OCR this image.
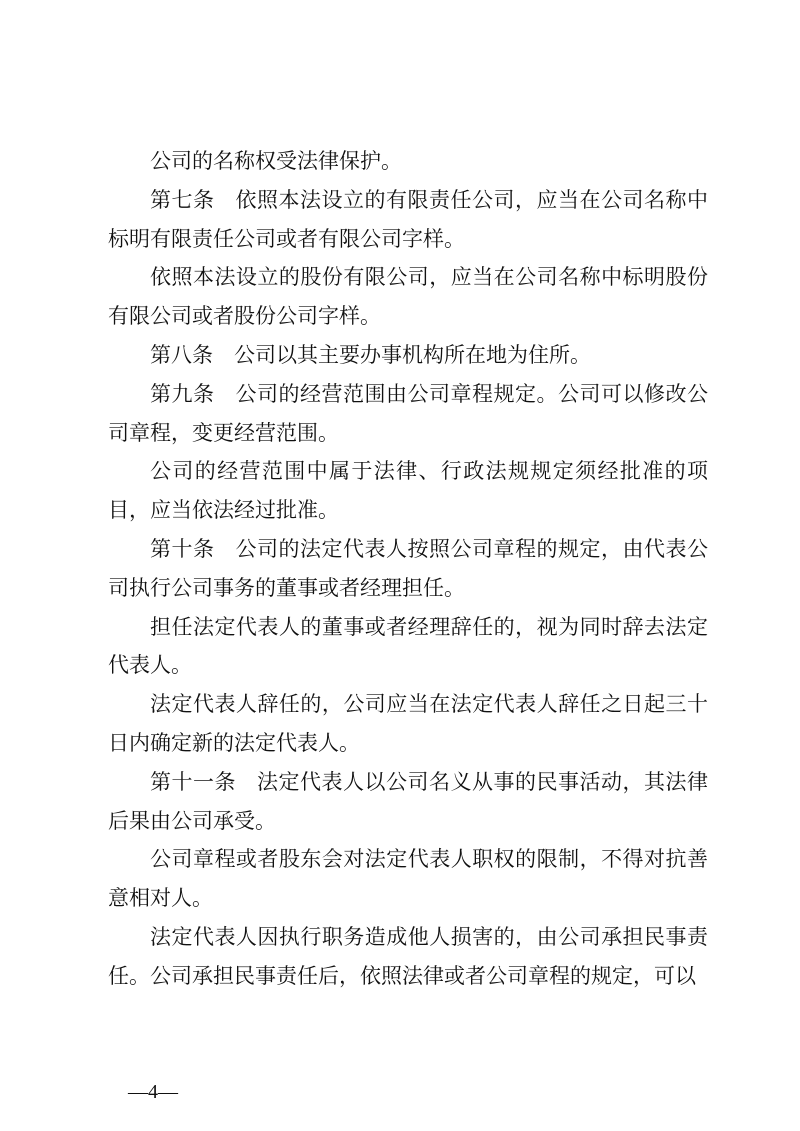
公司的名称权受法律保护。

第七条 依照本法设立的有限责任公司，应当在公司名称中标明有限责任公司或者有限公司字样。

依照本法设立的股份有限公司，应当在公司名称中标明股份有限公司或者股份公司字样。

第八条 公司以其主要办事机构所在地为住所。

第九条 公司的经营范围由公司章程规定。公司可以修改公司章程，变更经营范围。

公司的经营范围中属于法律、行政法规规定须经批准的项目，应当依法经过批准。

第十条 公司的法定代表人按照公司章程的规定，由代表公司执行公司事务的董事或者经理担任。

担任法定代表人的董事或者经理辞任的，视为同时辞去法定代表人。

法定代表人辞任的，公司应当在法定代表人辞任之日起三十日内确定新的法定代表人。

第十一条 法定代表人以公司名义从事的民事活动，其法律后果由公司承受。

公司章程或者股东会对法定代表人职权的限制，不得对抗善意相对人。

法定代表人因执行职务造成他人损害的，由公司承担民事责任。公司承担民事责任后，依照法律或者公司章程的规定，可以

—4—
